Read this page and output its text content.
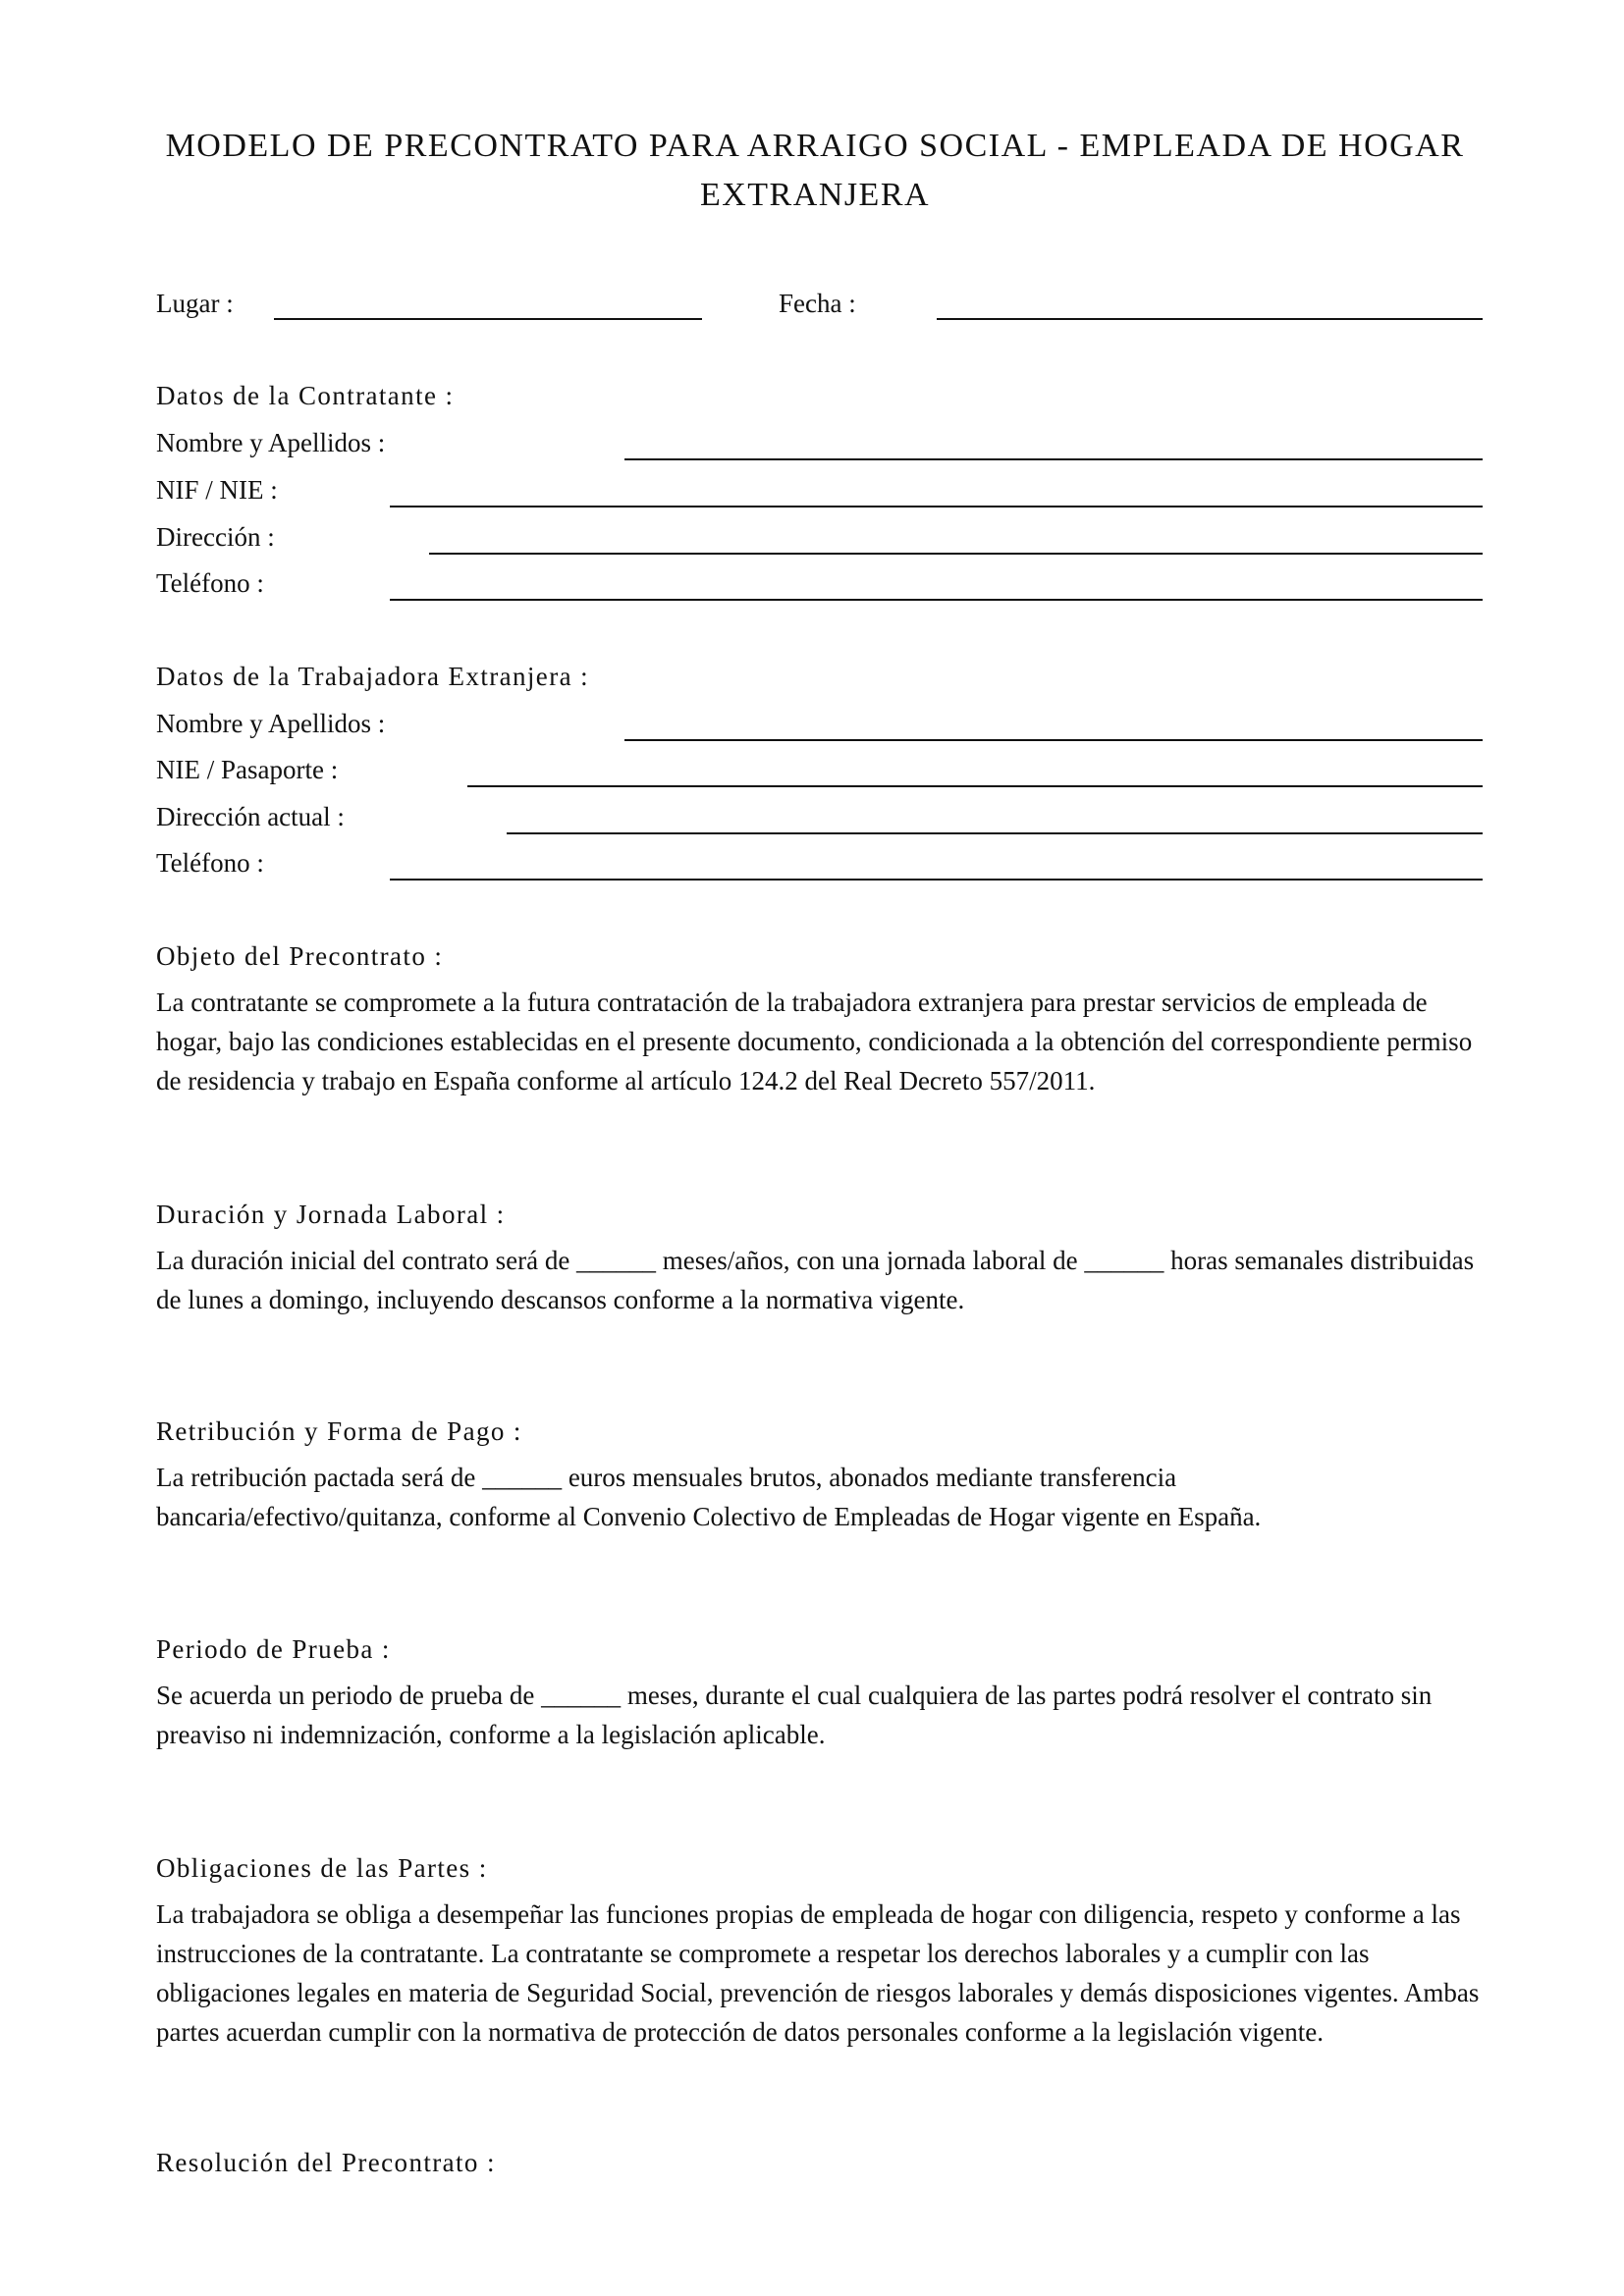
MODELO DE PRECONTRATO PARA ARRAIGO SOCIAL - EMPLEADA DE HOGAR
EXTRANJERA
Lugar :	Fecha :
Datos de la Contratante :
Nombre y Apellidos :
NIF / NIE :
Dirección :
Teléfono :
Datos de la Trabajadora Extranjera :
Nombre y Apellidos :
NIE / Pasaporte :
Dirección actual :
Teléfono :
Objeto del Precontrato :
La contratante se compromete a la futura contratación de la trabajadora extranjera para prestar servicios de empleada de hogar, bajo las condiciones establecidas en el presente documento, condicionada a la obtención del correspondiente permiso de residencia y trabajo en España conforme al artículo 124.2 del Real Decreto 557/2011.
Duración y Jornada Laboral :
La duración inicial del contrato será de ______ meses/años, con una jornada laboral de ______ horas semanales distribuidas de lunes a domingo, incluyendo descansos conforme a la normativa vigente.
Retribución y Forma de Pago :
La retribución pactada será de ______ euros mensuales brutos, abonados mediante transferencia
bancaria/efectivo/quitanza, conforme al Convenio Colectivo de Empleadas de Hogar vigente en España.
Periodo de Prueba :
Se acuerda un periodo de prueba de ______ meses, durante el cual cualquiera de las partes podrá resolver el contrato sin preaviso ni indemnización, conforme a la legislación aplicable.
Obligaciones de las Partes :
La trabajadora se obliga a desempeñar las funciones propias de empleada de hogar con diligencia, respeto y conforme a las instrucciones de la contratante. La contratante se compromete a respetar los derechos laborales y a cumplir con las obligaciones legales en materia de Seguridad Social, prevención de riesgos laborales y demás disposiciones vigentes. Ambas partes acuerdan cumplir con la normativa de protección de datos personales conforme a la legislación vigente.
Resolución del Precontrato :
